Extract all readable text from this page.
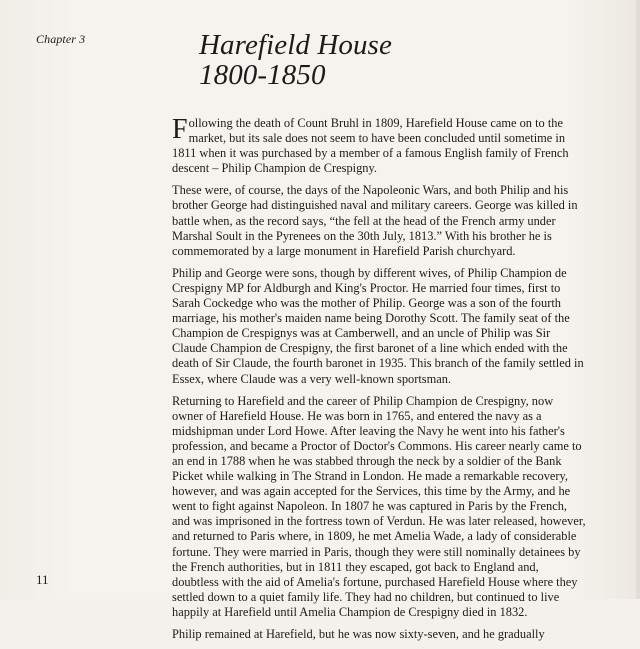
Chapter 3	Harefield House
1800-1850

Following the death of Count Bruhl in 1809, Harefield House came on to the market, but its sale does not seem to have been concluded until sometime in 1811 when it was purchased by a member of a famous English family of French descent – Philip Champion de Crespigny.

These were, of course, the days of the Napoleonic Wars, and both Philip and his brother George had distinguished naval and military careers. George was killed in battle when, as the record says, “the fell at the head of the French army under Marshal Soult in the Pyrenees on the 30th July, 1813.” With his brother he is commemorated by a large monument in Harefield Parish churchyard.

Philip and George were sons, though by different wives, of Philip Champion de Crespigny MP for Aldburgh and King's Proctor. He married four times, first to Sarah Cockedge who was the mother of Philip. George was a son of the fourth marriage, his mother's maiden name being Dorothy Scott. The family seat of the Champion de Crespignys was at Camberwell, and an uncle of Philip was Sir Claude Champion de Crespigny, the first baronet of a line which ended with the death of Sir Claude, the fourth baronet in 1935. This branch of the family settled in Essex, where Claude was a very well-known sportsman.

Returning to Harefield and the career of Philip Champion de Crespigny, now owner of Harefield House. He was born in 1765, and entered the navy as a midshipman under Lord Howe. After leaving the Navy he went into his father's profession, and became a Proctor of Doctor's Commons. His career nearly came to an end in 1788 when he was stabbed through the neck by a soldier of the Bank Picket while walking in The Strand in London. He made a remarkable recovery, however, and was again accepted for the Services, this time by the Army, and he went to fight against Napoleon. In 1807 he was captured in Paris by the French, and was imprisoned in the fortress town of Verdun. He was later released, however, and returned to Paris where, in 1809, he met Amelia Wade, a lady of considerable fortune. They were married in Paris, though they were still nominally detainees by the French authorities, but in 1811 they escaped, got back to England and, doubtless with the aid of Amelia's fortune, purchased Harefield House where they settled down to a quiet family life. They had no children, but continued to live happily at Harefield until Amelia Champion de Crespigny died in 1832.

Philip remained at Harefield, but he was now sixty-seven, and he gradually

11
